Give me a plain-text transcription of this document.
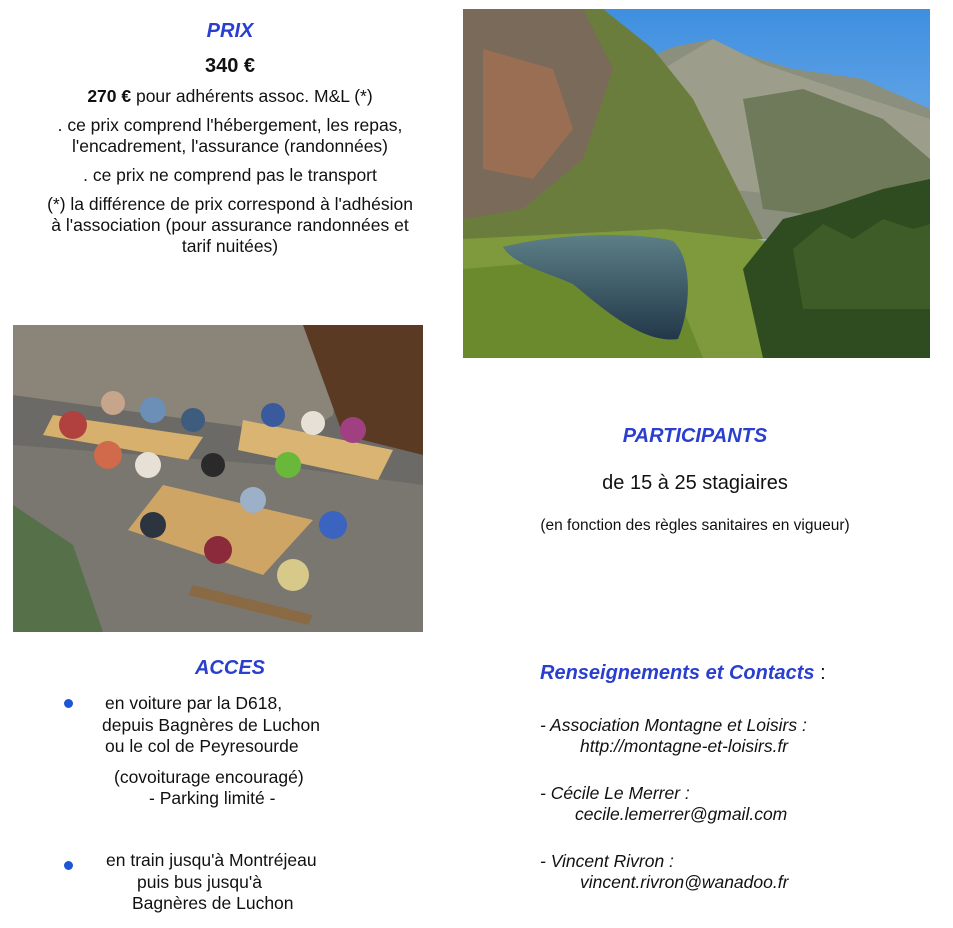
PRIX
340 €

270 € pour adhérents assoc. M&L (*)

. ce prix comprend l'hébergement, les repas, l'encadrement, l'assurance (randonnées)

. ce prix ne comprend pas le transport

(*) la différence de prix correspond à l'adhésion à l'association (pour assurance randonnées et tarif nuitées)

PARTICIPANTS
de 15 à 25 stagiaires
(en fonction des règles sanitaires en vigueur)
ACCES
en voiture par la D618,
depuis Bagnères de Luchon
ou le col de Peyresourde
(covoiturage encouragé)
- Parking limité -
en train jusqu'à Montréjeau
puis bus jusqu'à
Bagnères de Luchon
Renseignements et Contacts :
- Association Montagne et Loisirs :
http://montagne-et-loisirs.fr
- Cécile Le Merrer :
cecile.lemerrer@gmail.com
- Vincent Rivron :
vincent.rivron@wanadoo.fr
